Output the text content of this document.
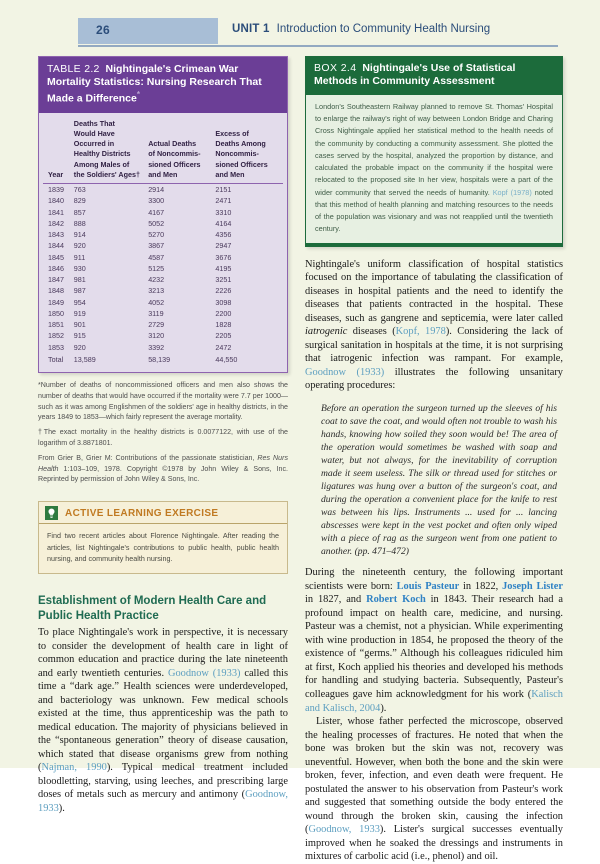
26	UNIT 1 Introduction to Community Health Nursing
TABLE 2.2 Nightingale's Crimean War Mortality Statistics: Nursing Research That Made a Difference*
Year	Deaths That
Would Have
Occurred in
Healthy Districts
Among Males of
the Soldiers' Ages†	Actual Deaths
of Noncommis-
sioned Officers
and Men	Excess of
Deaths Among
Noncommis-
sioned Officers
and Men
1839	763	2914	2151
1840	829	3300	2471
1841	857	4167	3310
1842	888	5052	4164
1843	914	5270	4356
1844	920	3867	2947
1845	911	4587	3676
1846	930	5125	4195
1847	981	4232	3251
1848	987	3213	2226
1849	954	4052	3098
1850	919	3119	2200
1851	901	2729	1828
1852	915	3120	2205
1853	920	3392	2472
Total	13,589	58,139	44,550

*Number of deaths of noncommissioned officers and men also shows the number of deaths that would have occurred if the mortality were 7.7 per 1000—such as it was among Englishmen of the soldiers' age in healthy districts, in the years 1849 to 1853—which fairly represent the average mortality.

†The exact mortality in the healthy districts is 0.0077122, with use of the logarithm of 3.8871801.

From Grier B, Grier M: Contributions of the passionate statistician, Res Nurs Health 1:103–109, 1978. Copyright ©1978 by John Wiley & Sons, Inc. Reprinted by permission of John Wiley & Sons, Inc.

ACTIVE LEARNING EXERCISE
Find two recent articles about Florence Nightingale. After reading the articles, list Nightingale's contributions to public health, public health nursing, and community health nursing.
Establishment of Modern Health Care and Public Health Practice

To place Nightingale's work in perspective, it is necessary to consider the development of health care in light of common education and practice during the late nineteenth and early twentieth centuries. Goodnow (1933) called this time a “dark age.” Health sciences were underdeveloped, and bacteriology was unknown. Few medical schools existed at the time, thus apprenticeship was the path to medical education. The majority of physicians believed in the “spontaneous generation” theory of disease causation, which stated that disease organisms grew from nothing (Najman, 1990). Typical medical treatment included bloodletting, starving, using leeches, and prescribing large doses of metals such as mercury and antimony (Goodnow, 1933).

BOX 2.4 Nightingale's Use of Statistical Methods in Community Assessment
London's Southeastern Railway planned to remove St. Thomas' Hospital to enlarge the railway's right of way between London Bridge and Charing Cross Nightingale applied her statistical method to the health needs of the community by conducting a community assessment. She plotted the cases served by the hospital, analyzed the proportion by distance, and calculated the probable impact on the community if the hospital were relocated to the proposed site In her view, hospitals were a part of the wider community that served the needs of humanity. Kopf (1978) noted that this method of health planning and matching resources to the needs of the population was visionary and was not reapplied until the twentieth century.

Nightingale's uniform classification of hospital statistics focused on the importance of tabulating the classification of diseases in hospital patients and the need to identify the diseases that patients contracted in the hospital. These diseases, such as gangrene and septicemia, were later called iatrogenic diseases (Kopf, 1978). Considering the lack of surgical sanitation in hospitals at the time, it is not surprising that iatrogenic infection was rampant. For example, Goodnow (1933) illustrates the following unsanitary operating procedures:

Before an operation the surgeon turned up the sleeves of his coat to save the coat, and would often not trouble to wash his hands, knowing how soiled they soon would be! The area of the operation would sometimes be washed with soap and water, but not always, for the inevitability of corruption made it seem useless. The silk or thread used for stitches or ligatures was hung over a button of the surgeon's coat, and during the operation a convenient place for the knife to rest was between his lips. Instruments ... used for ... lancing abscesses were kept in the vest pocket and often only wiped with a piece of rag as the surgeon went from one patient to another. (pp. 471–472)

During the nineteenth century, the following important scientists were born: Louis Pasteur in 1822, Joseph Lister in 1827, and Robert Koch in 1843. Their research had a profound impact on health care, medicine, and nursing. Pasteur was a chemist, not a physician. While experimenting with wine production in 1854, he proposed the theory of the existence of “germs.” Although his colleagues ridiculed him at first, Koch applied his theories and developed his methods for handling and studying bacteria. Subsequently, Pasteur's colleagues gave him acknowledgment for his work (Kalisch and Kalisch, 2004).

Lister, whose father perfected the microscope, observed the healing processes of fractures. He noted that when the bone was broken but the skin was not, recovery was uneventful. However, when both the bone and the skin were broken, fever, infection, and even death were frequent. He postulated the answer to his observation from Pasteur's work and suggested that something outside the body entered the wound through the broken skin, causing the infection (Goodnow, 1933). Lister's surgical successes eventually improved when he soaked the dressings and instruments in mixtures of carbolic acid (i.e., phenol) and oil.
